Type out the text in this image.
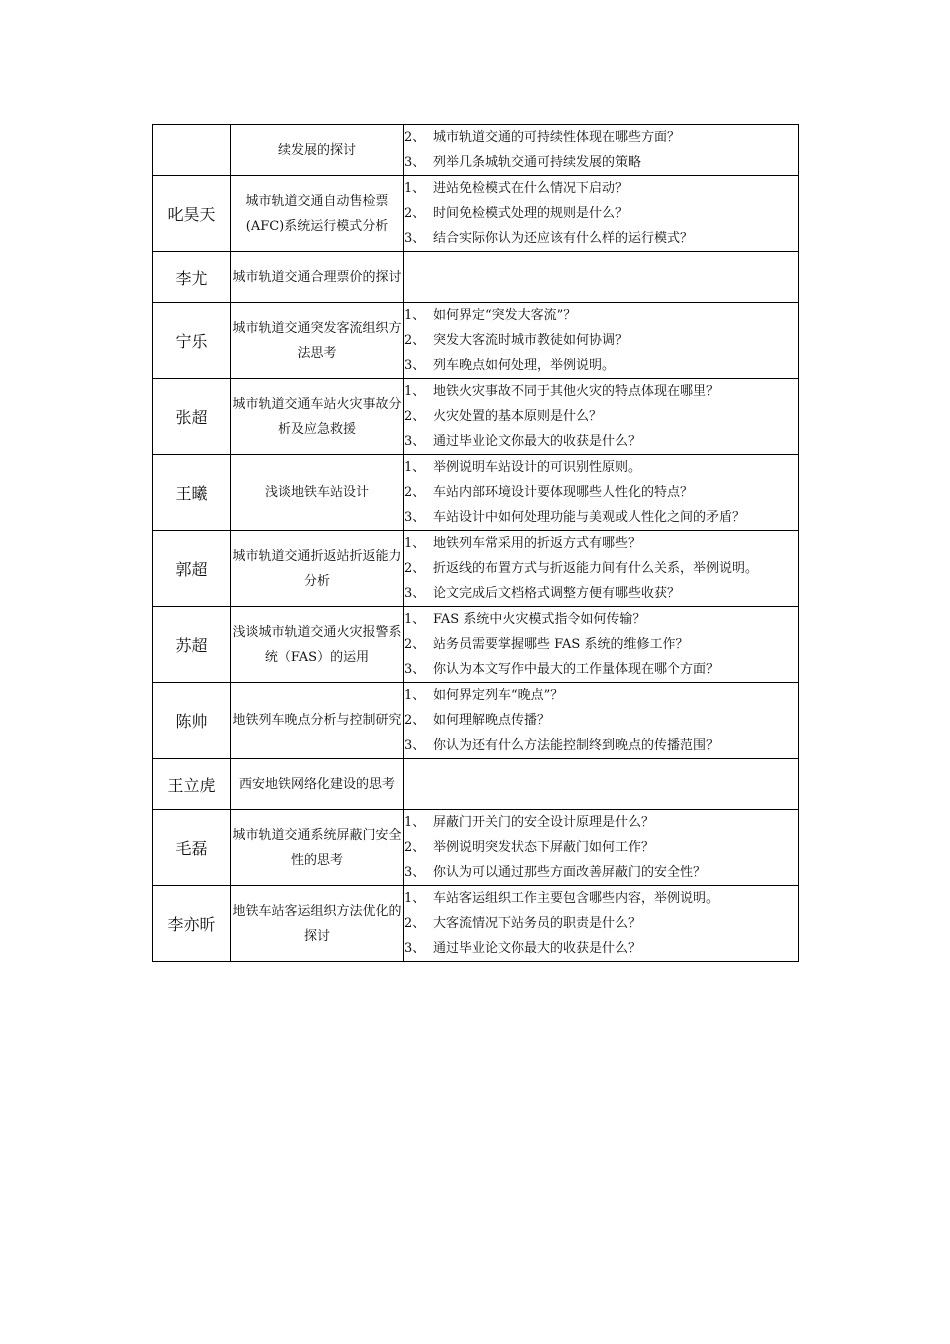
	续发展的探讨	2、 城市轨道交通的可持续性体现在哪些方面？
3、 列举几条城轨交通可持续发展的策略

叱昊天	城市轨道交通自动售检票(AFC)系统运行模式分析	1、 进站免检模式在什么情况下启动？
2、 时间免检模式处理的规则是什么？
3、 结合实际你认为还应该有什么样的运行模式？

李尤	城市轨道交通合理票价的探讨	
宁乐	城市轨道交通突发客流组织方法思考	1、 如何界定“突发大客流”？
2、 突发大客流时城市教徒如何协调？
3、 列车晚点如何处理，举例说明。

张超	城市轨道交通车站火灾事故分析及应急救援	1、 地铁火灾事故不同于其他火灾的特点体现在哪里？
2、 火灾处置的基本原则是什么？
3、 通过毕业论文你最大的收获是什么？

王曦	浅谈地铁车站设计	1、 举例说明车站设计的可识别性原则。
2、 车站内部环境设计要体现哪些人性化的特点？
3、 车站设计中如何处理功能与美观或人性化之间的矛盾？

郭超	城市轨道交通折返站折返能力分析	1、 地铁列车常采用的折返方式有哪些？
2、 折返线的布置方式与折返能力间有什么关系，举例说明。
3、 论文完成后文档格式调整方便有哪些收获？

苏超	浅谈城市轨道交通火灾报警系统（FAS）的运用	1、 FAS 系统中火灾模式指令如何传输？
2、 站务员需要掌握哪些 FAS 系统的维修工作？
3、 你认为本文写作中最大的工作量体现在哪个方面？

陈帅	地铁列车晚点分析与控制研究	1、 如何界定列车“晚点”？
2、 如何理解晚点传播？
3、 你认为还有什么方法能控制终到晚点的传播范围？

王立虎	西安地铁网络化建设的思考	
毛磊	城市轨道交通系统屏蔽门安全性的思考	1、 屏蔽门开关门的安全设计原理是什么？
2、 举例说明突发状态下屏蔽门如何工作？
3、 你认为可以通过那些方面改善屏蔽门的安全性？

李亦昕	地铁车站客运组织方法优化的探讨	1、 车站客运组织工作主要包含哪些内容，举例说明。
2、 大客流情况下站务员的职责是什么？
3、 通过毕业论文你最大的收获是什么？
